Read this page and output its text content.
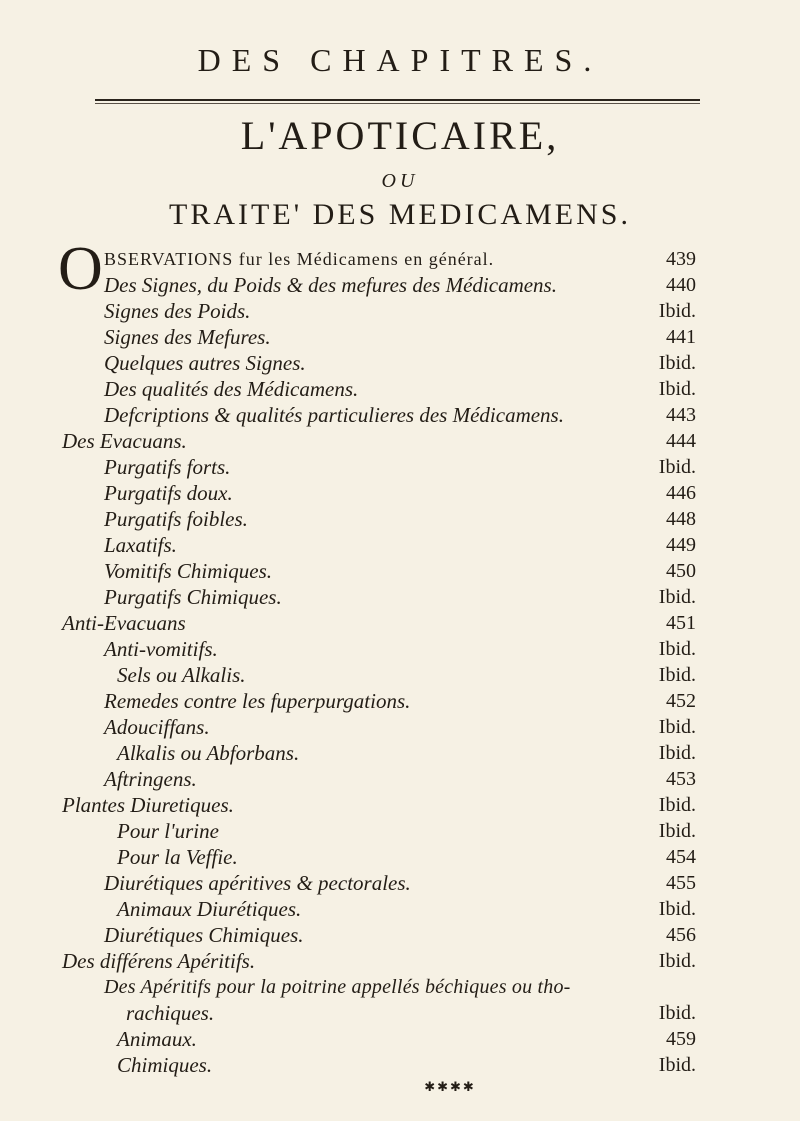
DES CHAPITRES.
L'APOTICAIRE,
OU
TRAITE' DES MEDICAMENS.
O BSERVATIONS fur les Médicamens en général.	439
Des Signes, du Poids & des mefures des Médicamens.	440
Signes des Poids.	Ibid.
Signes des Mefures.	441
Quelques autres Signes.	Ibid.
Des qualités des Médicamens.	Ibid.
Defcriptions & qualités particulieres des Médicamens.	443
Des Evacuans.	444
Purgatifs forts.	Ibid.
Purgatifs doux.	446
Purgatifs foibles.	448
Laxatifs.	449
Vomitifs Chimiques.	450
Purgatifs Chimiques.	Ibid.
Anti-Evacuans	451
Anti-vomitifs.	Ibid.
Sels ou Alkalis.	Ibid.
Remedes contre les fuperpurgations.	452
Adouciffans.	Ibid.
Alkalis ou Abforbans.	Ibid.
Aftringens.	453
Plantes Diuretiques.	Ibid.
Pour l'urine	Ibid.
Pour la Veffie.	454
Diurétiques apéritives & pectorales.	455
Animaux Diurétiques.	Ibid.
Diurétiques Chimiques.	456
Des différens Apéritifs.	Ibid.
Des Apéritifs pour la poitrine appellés béchiques ou tho-
rachiques.	Ibid.
Animaux.	459
Chimiques.	Ibid.
✱✱✱✱
